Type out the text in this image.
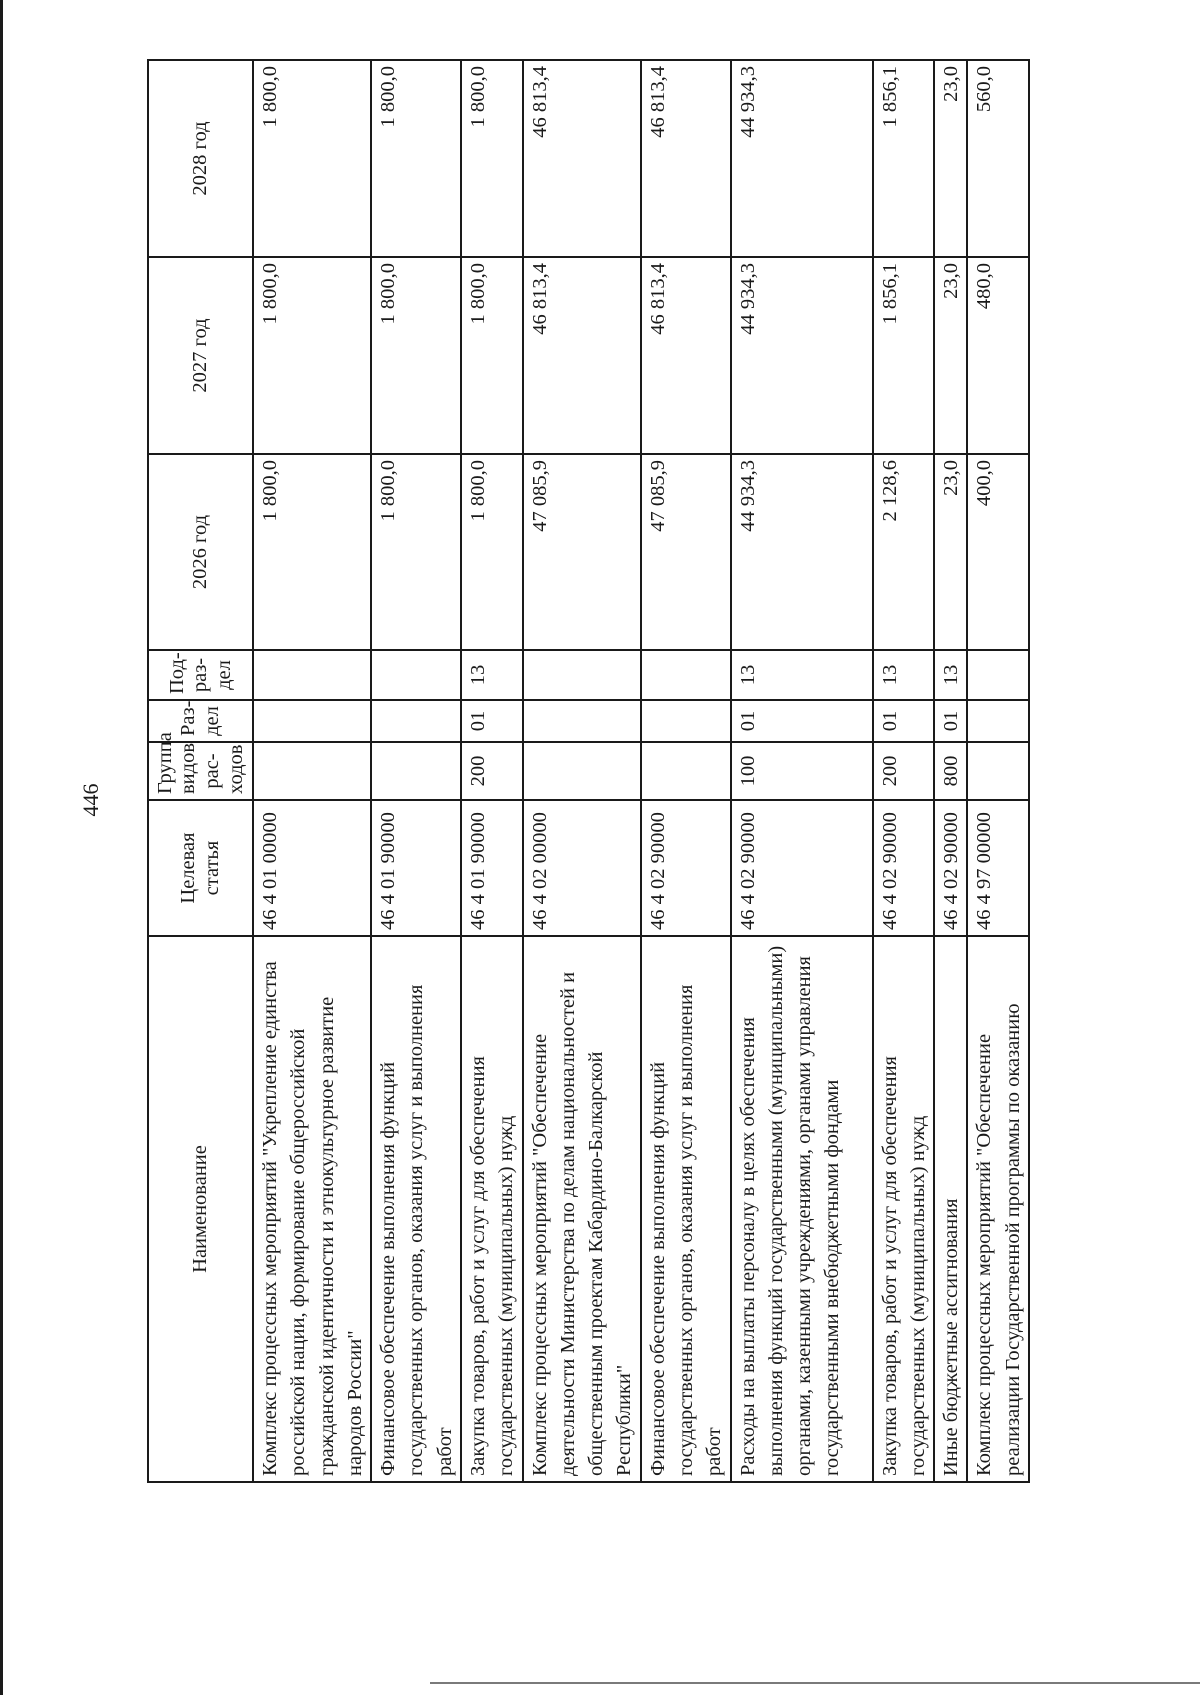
446
Наименование	Целевая статья	Группа видов рас-ходов	Раз-дел	Под-раз-дел	2026 год	2027 год	2028 год
Комплекс процессных мероприятий "Укрепление единства российской нации, формирование общероссийской гражданской идентичности и этнокультурное развитие народов России"	46 4 01 00000				1 800,0	1 800,0	1 800,0
Финансовое обеспечение выполнения функций государственных органов, оказания услуг и выполнения работ	46 4 01 90000				1 800,0	1 800,0	1 800,0
Закупка товаров, работ и услуг для обеспечения государственных (муниципальных) нужд	46 4 01 90000	200	01	13	1 800,0	1 800,0	1 800,0
Комплекс процессных мероприятий "Обеспечение деятельности Министерства по делам национальностей и общественным проектам Кабардино-Балкарской Республики"	46 4 02 00000				47 085,9	46 813,4	46 813,4
Финансовое обеспечение выполнения функций государственных органов, оказания услуг и выполнения работ	46 4 02 90000				47 085,9	46 813,4	46 813,4
Расходы на выплаты персоналу в целях обеспечения выполнения функций государственными (муниципальными) органами, казенными учреждениями, органами управления государственными внебюджетными фондами	46 4 02 90000	100	01	13	44 934,3	44 934,3	44 934,3
Закупка товаров, работ и услуг для обеспечения государственных (муниципальных) нужд	46 4 02 90000	200	01	13	2 128,6	1 856,1	1 856,1
Иные бюджетные ассигнования	46 4 02 90000	800	01	13	23,0	23,0	23,0
Комплекс процессных мероприятий "Обеспечение реализации Государственной программы по оказанию	46 4 97 00000				400,0	480,0	560,0
